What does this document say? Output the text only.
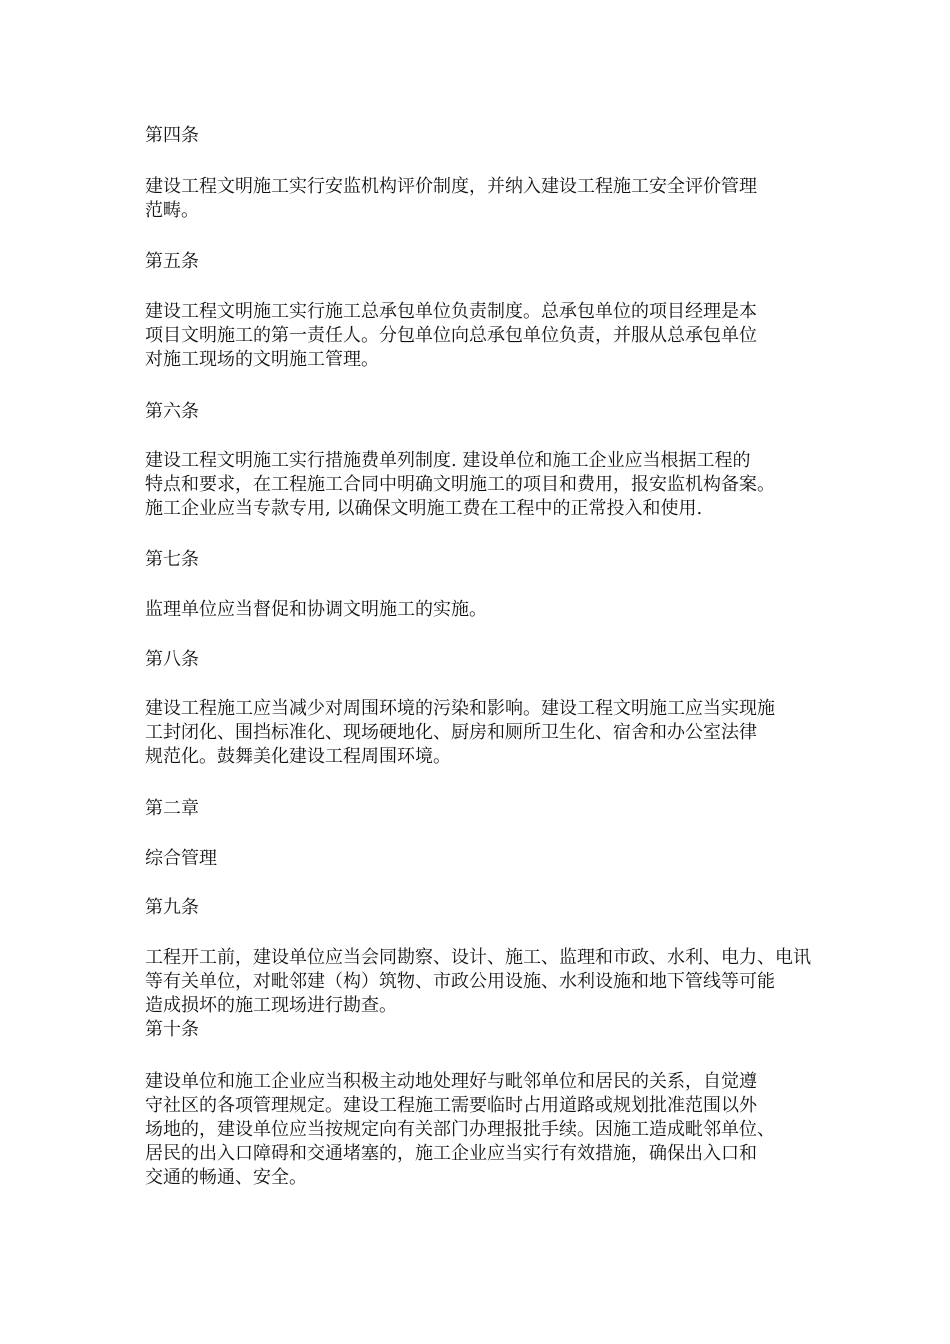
第四条

建设工程文明施工实行安监机构评价制度，并纳入建设工程施工安全评价管理
范畴。

第五条

建设工程文明施工实行施工总承包单位负责制度。总承包单位的项目经理是本
项目文明施工的第一责任人。分包单位向总承包单位负责，并服从总承包单位
对施工现场的文明施工管理。

第六条

建设工程文明施工实行措施费单列制度. 建设单位和施工企业应当根据工程的
特点和要求，在工程施工合同中明确文明施工的项目和费用，报安监机构备案。
施工企业应当专款专用, 以确保文明施工费在工程中的正常投入和使用.

第七条

监理单位应当督促和协调文明施工的实施。

第八条

建设工程施工应当减少对周围环境的污染和影响。建设工程文明施工应当实现施
工封闭化、围挡标准化、现场硬地化、厨房和厕所卫生化、宿舍和办公室法律
规范化。鼓舞美化建设工程周围环境。

第二章

综合管理

第九条

工程开工前，建设单位应当会同勘察、设计、施工、监理和市政、水利、电力、电讯
等有关单位，对毗邻建（构）筑物、市政公用设施、水利设施和地下管线等可能
造成损坏的施工现场进行勘查。
第十条

建设单位和施工企业应当积极主动地处理好与毗邻单位和居民的关系，自觉遵
守社区的各项管理规定。建设工程施工需要临时占用道路或规划批准范围以外
场地的，建设单位应当按规定向有关部门办理报批手续。因施工造成毗邻单位、
居民的出入口障碍和交通堵塞的，施工企业应当实行有效措施，确保出入口和
交通的畅通、安全。
